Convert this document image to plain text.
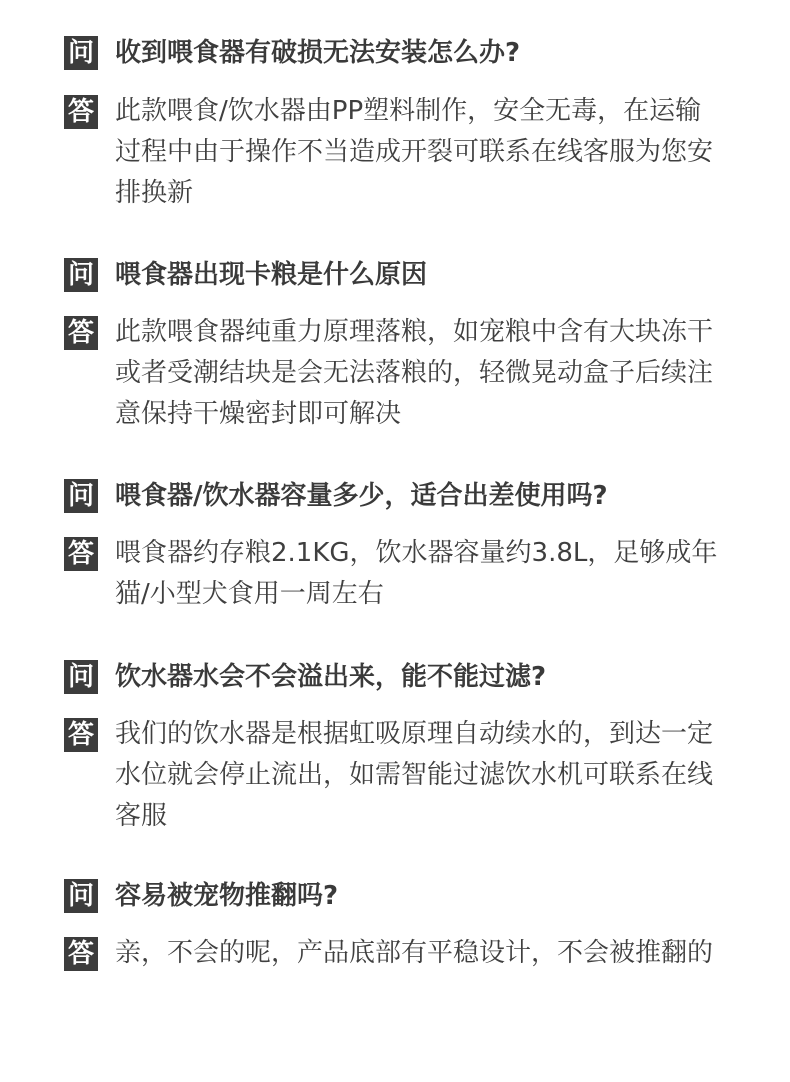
问 收到喂食器有破损无法安装怎么办?
答 此款喂食/饮水器由PP塑料制作，安全无毒，在运输过程中由于操作不当造成开裂可联系在线客服为您安排换新
问 喂食器出现卡粮是什么原因
答 此款喂食器纯重力原理落粮，如宠粮中含有大块冻干或者受潮结块是会无法落粮的，轻微晃动盒子后续注意保持干燥密封即可解决
问 喂食器/饮水器容量多少，适合出差使用吗?
答 喂食器约存粮2.1KG，饮水器容量约3.8L，足够成年猫/小型犬食用一周左右
问 饮水器水会不会溢出来，能不能过滤?
答 我们的饮水器是根据虹吸原理自动续水的，到达一定水位就会停止流出，如需智能过滤饮水机可联系在线客服
问 容易被宠物推翻吗?
答 亲，不会的呢，产品底部有平稳设计，不会被推翻的
